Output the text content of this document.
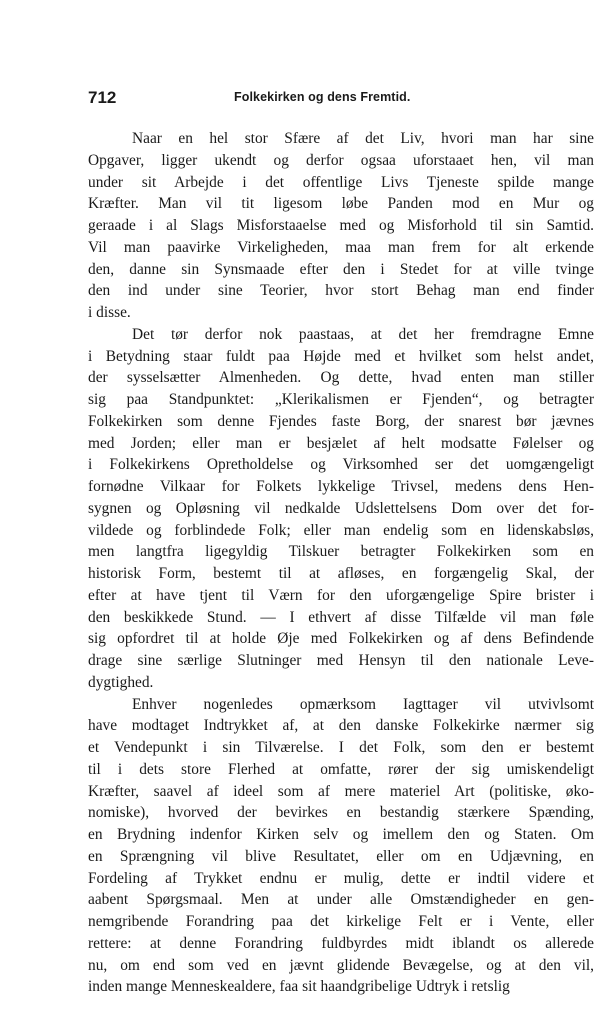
712	Folkekirken og dens Fremtid.
Naar en hel stor Sfære af det Liv, hvori man har sine
Opgaver, ligger ukendt og derfor ogsaa uforstaaet hen, vil man
under sit Arbejde i det offentlige Livs Tjeneste spilde mange
Kræfter. Man vil tit ligesom løbe Panden mod en Mur og
geraade i al Slags Misforstaaelse med og Misforhold til sin Samtid.
Vil man paavirke Virkeligheden, maa man frem for alt erkende
den, danne sin Synsmaade efter den i Stedet for at ville tvinge
den ind under sine Teorier, hvor stort Behag man end finder
i disse.
Det tør derfor nok paastaas, at det her fremdragne Emne
i Betydning staar fuldt paa Højde med et hvilket som helst andet,
der sysselsætter Almenheden. Og dette, hvad enten man stiller
sig paa Standpunktet: „Klerikalismen er Fjenden“, og betragter
Folkekirken som denne Fjendes faste Borg, der snarest bør jævnes
med Jorden; eller man er besjælet af helt modsatte Følelser og
i Folkekirkens Opretholdelse og Virksomhed ser det uomgængeligt
fornødne Vilkaar for Folkets lykkelige Trivsel, medens dens Hen-
sygnen og Opløsning vil nedkalde Udslettelsens Dom over det for-
vildede og forblindede Folk; eller man endelig som en lidenskabsløs,
men langtfra ligegyldig Tilskuer betragter Folkekirken som en
historisk Form, bestemt til at afløses, en forgængelig Skal, der
efter at have tjent til Værn for den uforgængelige Spire brister i
den beskikkede Stund. — I ethvert af disse Tilfælde vil man føle
sig opfordret til at holde Øje med Folkekirken og af dens Befindende
drage sine særlige Slutninger med Hensyn til den nationale Leve-
dygtighed.
Enhver nogenledes opmærksom Iagttager vil utvivlsomt
have modtaget Indtrykket af, at den danske Folkekirke nærmer sig
et Vendepunkt i sin Tilværelse. I det Folk, som den er bestemt
til i dets store Flerhed at omfatte, rører der sig umiskendeligt
Kræfter, saavel af ideel som af mere materiel Art (politiske, øko-
nomiske), hvorved der bevirkes en bestandig stærkere Spænding,
en Brydning indenfor Kirken selv og imellem den og Staten. Om
en Sprængning vil blive Resultatet, eller om en Udjævning, en
Fordeling af Trykket endnu er mulig, dette er indtil videre et
aabent Spørgsmaal. Men at under alle Omstændigheder en gen-
nemgribende Forandring paa det kirkelige Felt er i Vente, eller
rettere: at denne Forandring fuldbyrdes midt iblandt os allerede
nu, om end som ved en jævnt glidende Bevægelse, og at den vil,
inden mange Menneskealdere, faa sit haandgribelige Udtryk i retslig
